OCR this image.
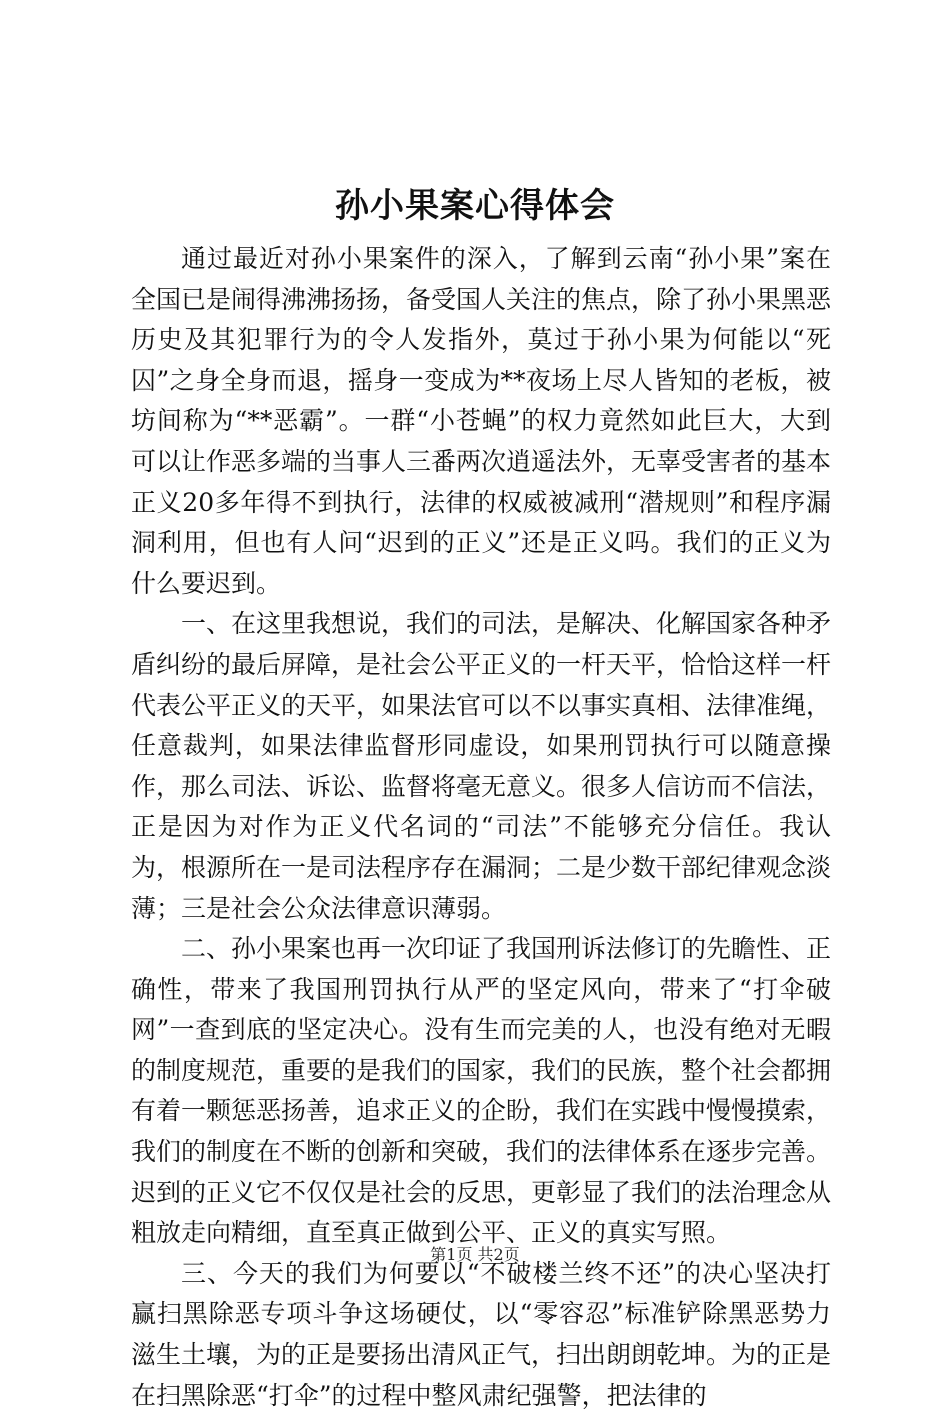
孙小果案心得体会

通过最近对孙小果案件的深入，了解到云南“孙小果”案在全国已是闹得沸沸扬扬，备受国人关注的焦点，除了孙小果黑恶历史及其犯罪行为的令人发指外，莫过于孙小果为何能以“死囚”之身全身而退，摇身一变成为**夜场上尽人皆知的老板，被坊间称为“**恶霸”。一群“小苍蝇”的权力竟然如此巨大，大到可以让作恶多端的当事人三番两次逍遥法外，无辜受害者的基本正义20多年得不到执行，法律的权威被减刑“潜规则”和程序漏洞利用，但也有人问“迟到的正义”还是正义吗。我们的正义为什么要迟到。

一、在这里我想说，我们的司法，是解决、化解国家各种矛盾纠纷的最后屏障，是社会公平正义的一杆天平，恰恰这样一杆代表公平正义的天平，如果法官可以不以事实真相、法律准绳，任意裁判，如果法律监督形同虚设，如果刑罚执行可以随意操作，那么司法、诉讼、监督将毫无意义。很多人信访而不信法，正是因为对作为正义代名词的“司法”不能够充分信任。我认为，根源所在一是司法程序存在漏洞；二是少数干部纪律观念淡薄；三是社会公众法律意识薄弱。

二、孙小果案也再一次印证了我国刑诉法修订的先瞻性、正确性，带来了我国刑罚执行从严的坚定风向，带来了“打伞破网”一查到底的坚定决心。没有生而完美的人，也没有绝对无暇的制度规范，重要的是我们的国家，我们的民族，整个社会都拥有着一颗惩恶扬善，追求正义的企盼，我们在实践中慢慢摸索，我们的制度在不断的创新和突破，我们的法律体系在逐步完善。迟到的正义它不仅仅是社会的反思，更彰显了我们的法治理念从粗放走向精细，直至真正做到公平、正义的真实写照。

三、今天的我们为何要以“不破楼兰终不还”的决心坚决打赢扫黑除恶专项斗争这场硬仗，以“零容忍”标准铲除黑恶势力滋生土壤，为的正是要扬出清风正气，扫出朗朗乾坤。为的正是在扫黑除恶“打伞”的过程中整风肃纪强警，把法律的

第1页 共2页
